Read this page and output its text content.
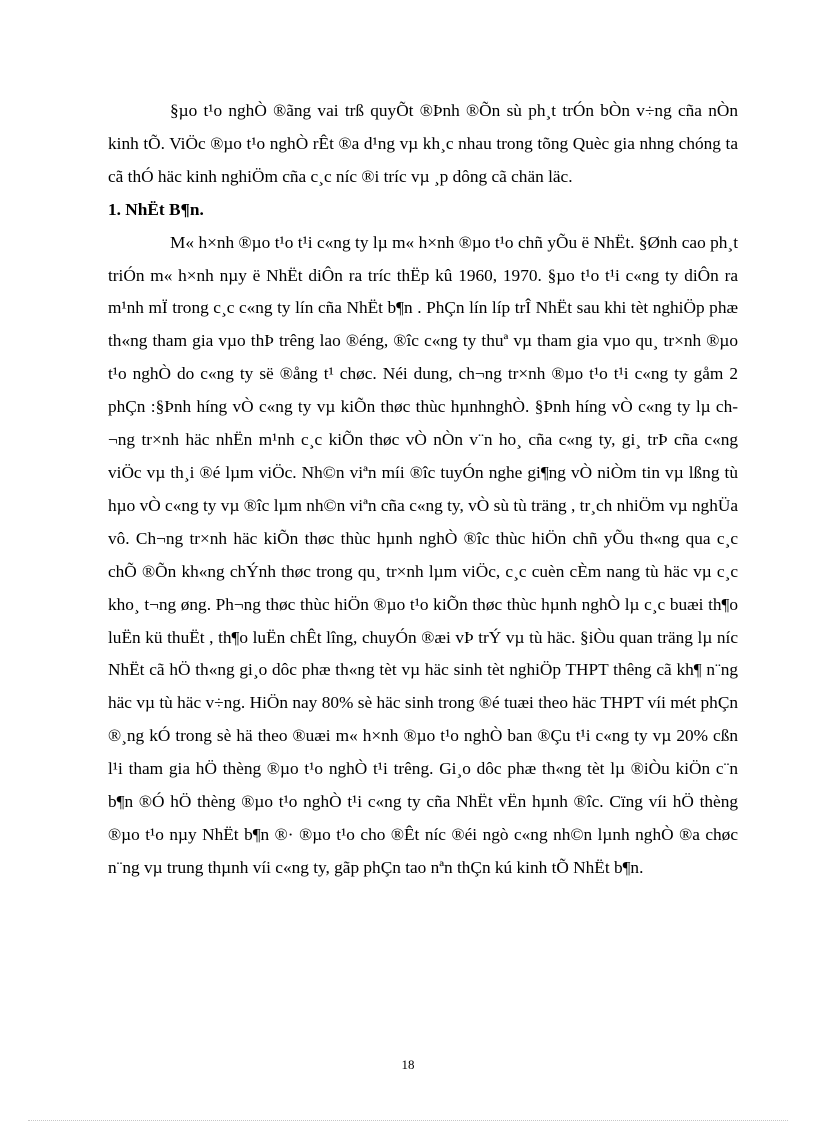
§µo t¹o nghÒ ®ãng vai trß quyÕt ®Þnh ®Õn sù ph¸t trÓn bÒn v÷ng cña nÒn kinh tÕ. ViÖc ®µo t¹o nghÒ rÊt ®a d¹ng vµ kh¸c nhau trong tõng Quèc gia nhng chóng ta cã thÓ häc kinh nghiÖm cña c¸c níc ®i tríc vµ ¸p dông cã chän läc.

1. NhËt B¶n.

M« h×nh ®µo t¹o t¹i c«ng ty lµ m« h×nh ®µo t¹o chñ yÕu ë NhËt. §Ønh cao ph¸t triÓn m« h×nh nµy ë NhËt diÔn ra tríc thËp kû 1960, 1970. §µo t¹o t¹i c«ng ty diÔn ra m¹nh mÏ trong c¸c c«ng ty lín cña NhËt b¶n . PhÇn lín líp trÎ NhËt sau khi tèt nghiÖp phæ th«ng tham gia vµo thÞ trêng lao ®éng, ®îc c«ng ty thuª vµ tham gia vµo qu¸ tr×nh ®µo t¹o nghÒ do c«ng ty së ®ång t¹ chøc. Néi dung, ch¬ng tr×nh ®µo t¹o t¹i c«ng ty gåm 2 phÇn :§Þnh híng vÒ c«ng ty vµ kiÕn thøc thùc hµnhnghÒ. §Þnh híng vÒ c«ng ty lµ ch¬ng tr×nh häc nhËn m¹nh c¸c kiÕn thøc vÒ nÒn v¨n ho¸ cña c«ng ty, gi¸ trÞ cña c«ng viÖc vµ th¸i ®é lµm viÖc. Nh©n viªn míi ®îc tuyÓn nghe gi¶ng vÒ niÒm tin vµ lßng tù hµo vÒ c«ng ty vµ ®îc lµm nh©n viªn cña c«ng ty, vÒ sù tù träng , tr¸ch nhiÖm vµ nghÜa vô. Ch¬ng tr×nh häc kiÕn thøc thùc hµnh nghÒ ®îc thùc hiÖn chñ yÕu th«ng qua c¸c chÕ ®Õn kh«ng chÝnh thøc trong qu¸ tr×nh lµm viÖc, c¸c cuèn cÈm nang tù häc vµ c¸c kho¸ t¬ng øng. Ph¬ng thøc thùc hiÖn ®µo t¹o kiÕn thøc thùc hµnh nghÒ lµ c¸c buæi th¶o luËn kü thuËt , th¶o luËn chÊt lîng, chuyÓn ®æi vÞ trÝ vµ tù häc. §iÒu quan träng lµ níc NhËt cã hÖ th«ng gi¸o dôc phæ th«ng tèt vµ häc sinh tèt nghiÖp THPT thêng cã kh¶ n¨ng häc vµ tù häc v÷ng. HiÖn nay 80% sè häc sinh trong ®é tuæi theo häc THPT víi mét phÇn ®¸ng kÓ trong sè hä theo ®uæi m« h×nh ®µo t¹o nghÒ ban ®Çu t¹i c«ng ty vµ 20% cßn l¹i tham gia hÖ thèng ®µo t¹o nghÒ t¹i trêng. Gi¸o dôc phæ th«ng tèt lµ ®iÒu kiÖn c¨n b¶n ®Ó hÖ thèng ®µo t¹o nghÒ t¹i c«ng ty cña NhËt vËn hµnh ®îc. Cïng víi hÖ thèng ®µo t¹o nµy NhËt b¶n ®· ®µo t¹o cho ®Êt níc ®éi ngò c«ng nh©n lµnh nghÒ ®a chøc n¨ng vµ trung thµnh víi c«ng ty, gãp phÇn tao nªn thÇn kú kinh tÕ NhËt b¶n.

18
